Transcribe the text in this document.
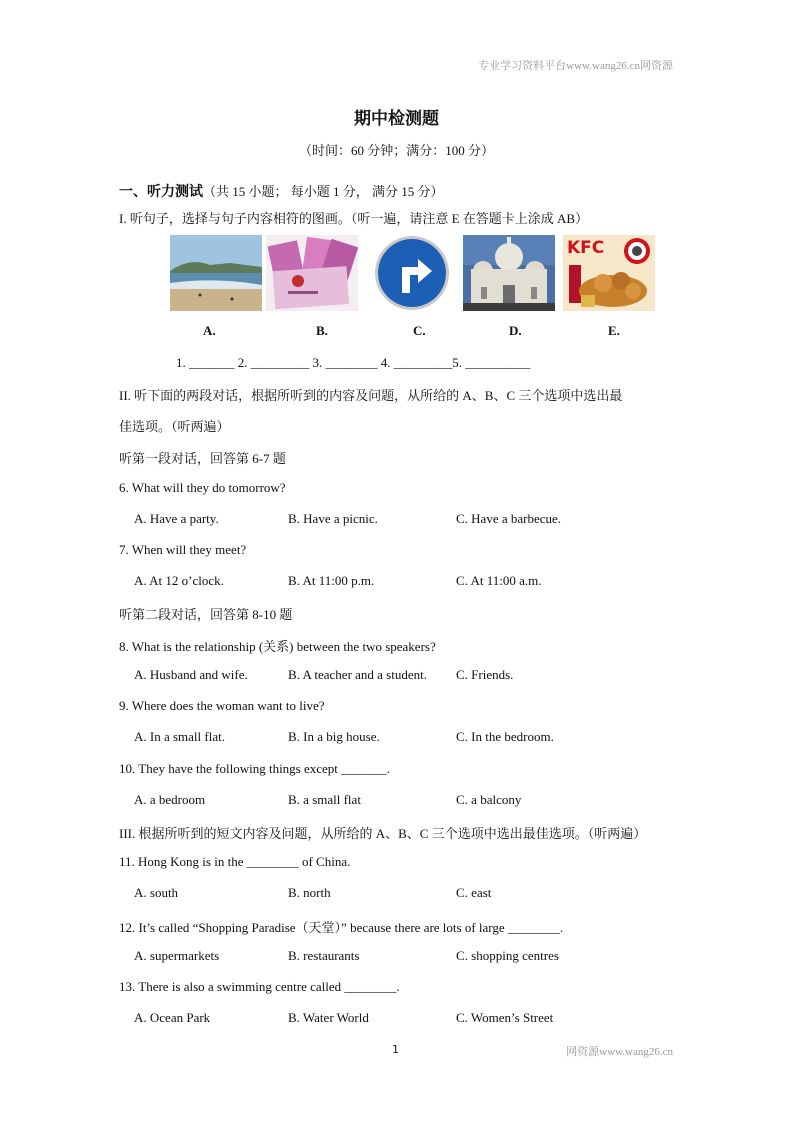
专业学习资料平台www.wang26.cn网资源
期中检测题
（时间：60 分钟；满分：100 分）
一、听力测试（共 15 小题； 每小题 1 分， 满分 15 分）
I. 听句子，选择与句子内容相符的图画。（听一遍，请注意 E 在答题卡上涂成 AB）
KFC
A.	B.	C.	D.	E.
1. _______ 2. _________ 3. ________ 4. _________5. __________
II. 听下面的两段对话，根据所听到的内容及问题，从所给的 A、B、C 三个选项中选出最
佳选项。（听两遍）
听第一段对话，回答第 6-7 题
6. What will they do tomorrow?
A. Have a party.	B. Have a picnic.	C. Have a barbecue.
7. When will they meet?
A. At 12 o’clock.	B. At 11:00 p.m.	C. At 11:00 a.m.
听第二段对话，回答第 8-10 题
8. What is the relationship (关系) between the two speakers?
A. Husband and wife.	B. A teacher and a student. C. Friends.
9. Where does the woman want to live?
A. In a small flat.	B. In a big house.	C. In the bedroom.
10. They have the following things except _______.
A. a bedroom	B. a small flat	C. a balcony
III. 根据所听到的短文内容及问题，从所给的 A、B、C 三个选项中选出最佳选项。（听两遍）
11. Hong Kong is in the ________ of China.
A. south	B. north	C. east
12. It’s called “Shopping Paradise（天堂）” because there are lots of large ________.
A. supermarkets	B. restaurants	C. shopping centres
13. There is also a swimming centre called ________.
A. Ocean Park	B. Water World	C. Women’s Street
1	网资源www.wang26.cn
